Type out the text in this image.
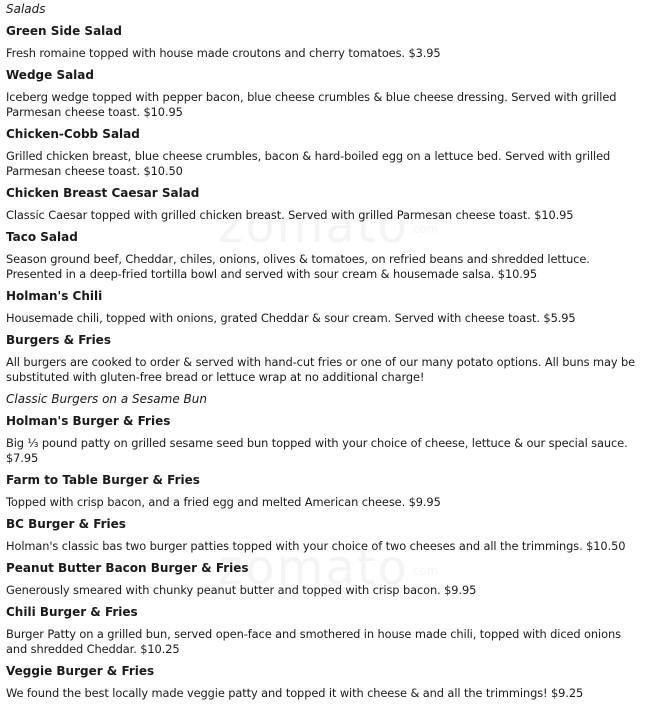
Salads
Green Side Salad
Fresh romaine topped with house made croutons and cherry tomatoes. $3.95
Wedge Salad
Iceberg wedge topped with pepper bacon, blue cheese crumbles & blue cheese dressing. Served with grilled Parmesan cheese toast. $10.95
Chicken-Cobb Salad
Grilled chicken breast, blue cheese crumbles, bacon & hard-boiled egg on a lettuce bed. Served with grilled Parmesan cheese toast. $10.50
Chicken Breast Caesar Salad
Classic Caesar topped with grilled chicken breast. Served with grilled Parmesan cheese toast. $10.95
Taco Salad
Season ground beef, Cheddar, chiles, onions, olives & tomatoes, on refried beans and shredded lettuce. Presented in a deep-fried tortilla bowl and served with sour cream & housemade salsa. $10.95
Holman's Chili
Housemade chili, topped with onions, grated Cheddar & sour cream. Served with cheese toast. $5.95
Burgers & Fries
All burgers are cooked to order & served with hand-cut fries or one of our many potato options. All buns may be substituted with gluten-free bread or lettuce wrap at no additional charge!
Classic Burgers on a Sesame Bun
Holman's Burger & Fries
Big ⅓ pound patty on grilled sesame seed bun topped with your choice of cheese, lettuce & our special sauce. $7.95
Farm to Table Burger & Fries
Topped with crisp bacon, and a fried egg and melted American cheese. $9.95
BC Burger & Fries
Holman's classic bas two burger patties topped with your choice of two cheeses and all the trimmings. $10.50
Peanut Butter Bacon Burger & Fries
Generously smeared with chunky peanut butter and topped with crisp bacon. $9.95
Chili Burger & Fries
Burger Patty on a grilled bun, served open-face and smothered in house made chili, topped with diced onions and shredded Cheddar. $10.25
Veggie Burger & Fries
We found the best locally made veggie patty and topped it with cheese & and all the trimmings! $9.25
